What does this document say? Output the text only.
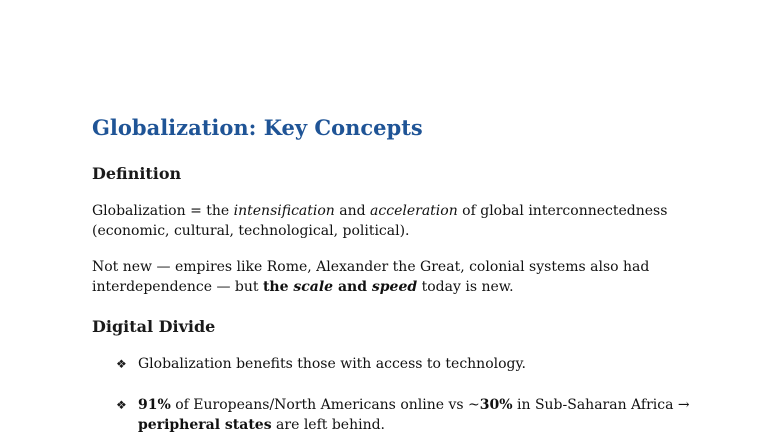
Globalization: Key Concepts
Definition

Globalization = the intensification and acceleration of global interconnectedness (economic, cultural, technological, political).

Not new — empires like Rome, Alexander the Great, colonial systems also had interdependence — but the scale and speed today is new.

Digital Divide
❖ Globalization benefits those with access to technology.
❖ 91% of Europeans/North Americans online vs ~30% in Sub-Saharan Africa → peripheral states are left behind.
